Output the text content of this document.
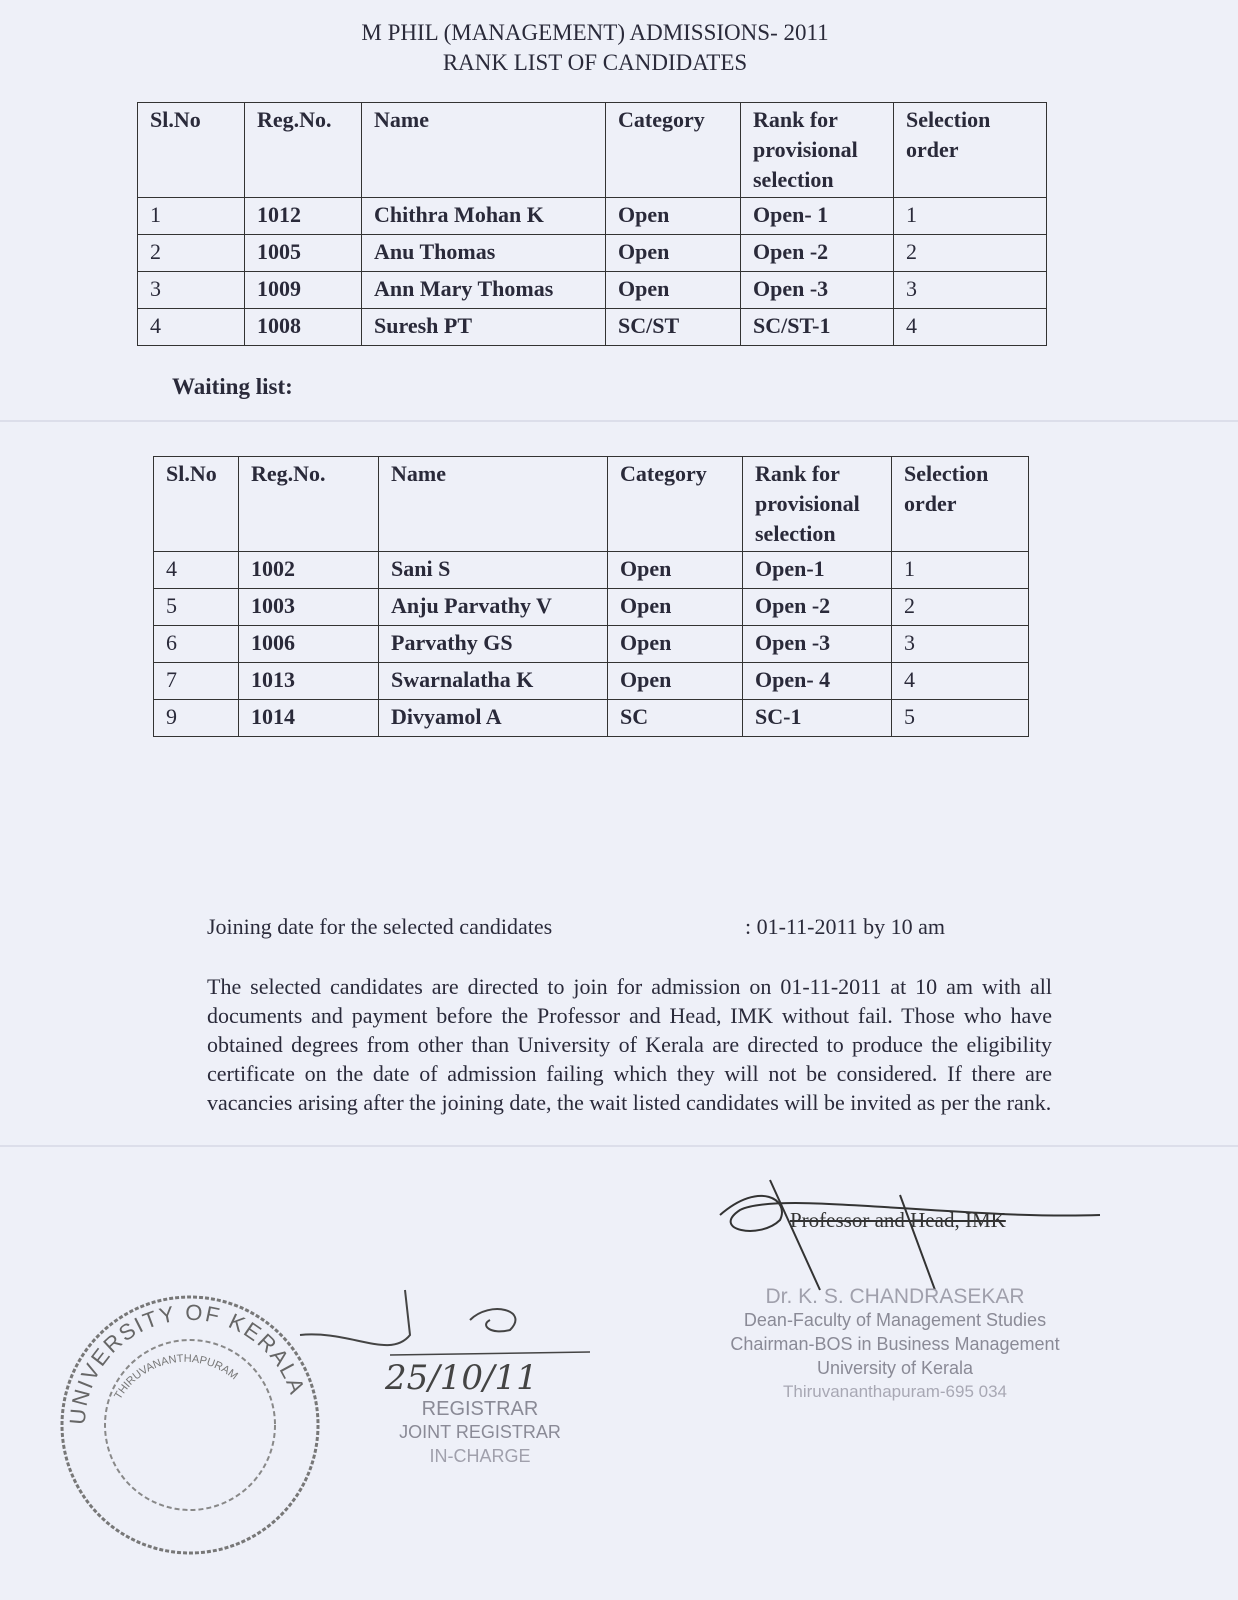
M PHIL (MANAGEMENT) ADMISSIONS- 2011
RANK LIST OF CANDIDATES
Sl.No	Reg.No.	Name	Category	Rank for provisional selection	Selection order
1	1012	Chithra Mohan K	Open	Open- 1	1
2	1005	Anu Thomas	Open	Open -2	2
3	1009	Ann Mary Thomas	Open	Open -3	3
4	1008	Suresh PT	SC/ST	SC/ST-1	4
Waiting list:
Sl.No	Reg.No.	Name	Category	Rank for provisional selection	Selection order
4	1002	Sani S	Open	Open-1	1
5	1003	Anju Parvathy V	Open	Open -2	2
6	1006	Parvathy GS	Open	Open -3	3
7	1013	Swarnalatha K	Open	Open- 4	4
9	1014	Divyamol A	SC	SC-1	5
Joining date for the selected candidates	: 01-11-2011 by 10 am
The selected candidates are directed to join for admission on 01-11-2011 at 10 am with all documents and payment before the Professor and Head, IMK without fail. Those who have obtained degrees from other than University of Kerala are directed to produce the eligibility certificate on the date of admission failing which they will not be considered. If there are vacancies arising after the joining date, the wait listed candidates will be invited as per the rank.
Professor and Head, IMK
Dr. K. S. CHANDRASEKAR
Dean-Faculty of Management Studies
Chairman-BOS in Business Management
University of Kerala
Thiruvananthapuram-695 034
UNIVERSITY OF KERALA
THIRUVANANTHAPURAM	25/10/11
REGISTRAR
JOINT REGISTRAR
IN-CHARGE
